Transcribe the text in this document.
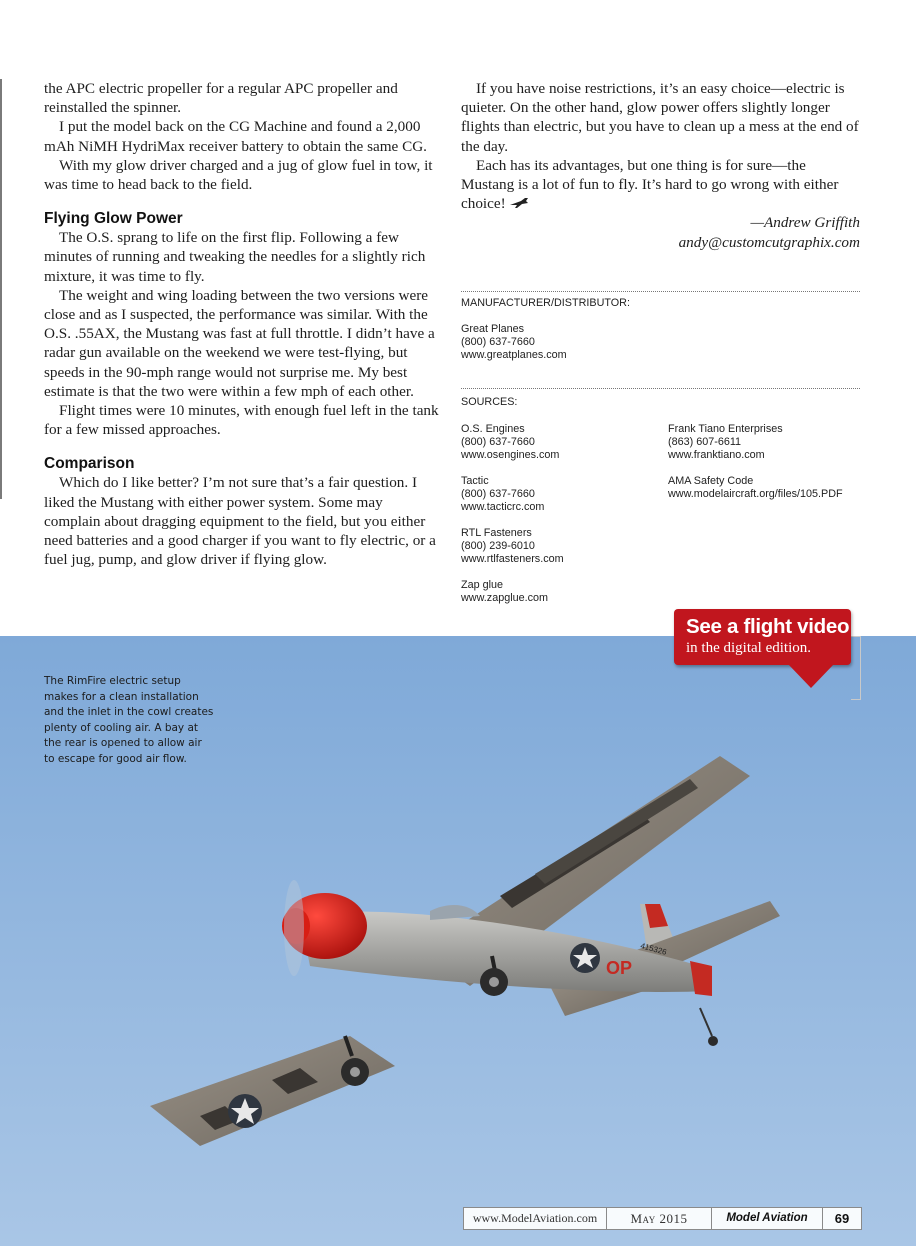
the APC electric propeller for a regular APC propeller and reinstalled the spinner.

I put the model back on the CG Machine and found a 2,000 mAh NiMH HydriMax receiver battery to obtain the same CG.

With my glow driver charged and a jug of glow fuel in tow, it was time to head back to the field.

Flying Glow Power

The O.S. sprang to life on the first flip. Following a few minutes of running and tweaking the needles for a slightly rich mixture, it was time to fly.

The weight and wing loading between the two versions were close and as I suspected, the performance was similar. With the O.S. .55AX, the Mustang was fast at full throttle. I didn’t have a radar gun available on the weekend we were test-flying, but speeds in the 90-mph range would not surprise me. My best estimate is that the two were within a few mph of each other.

Flight times were 10 minutes, with enough fuel left in the tank for a few missed approaches.

Comparison

Which do I like better? I’m not sure that’s a fair question. I liked the Mustang with either power system. Some may complain about dragging equipment to the field, but you either need batteries and a good charger if you want to fly electric, or a fuel jug, pump, and glow driver if flying glow.

If you have noise restrictions, it’s an easy choice—electric is quieter. On the other hand, glow power offers slightly longer flights than electric, but you have to clean up a mess at the end of the day.

Each has its advantages, but one thing is for sure—the Mustang is a lot of fun to fly. It’s hard to go wrong with either choice!

—Andrew Griffith
andy@customcutgraphix.com
MANUFACTURER/DISTRIBUTOR:
Great Planes
(800) 637-7660
www.greatplanes.com
SOURCES:
O.S. Engines
(800) 637-7660
www.osengines.com
Tactic
(800) 637-7660
www.tacticrc.com
RTL Fasteners
(800) 239-6010
www.rtlfasteners.com
Zap glue
www.zapglue.com
Frank Tiano Enterprises
(863) 607-6611
www.franktiano.com
AMA Safety Code
www.modelaircraft.org/files/105.PDF
OP
415326
The RimFire electric setup makes for a clean installation and the inlet in the cowl creates plenty of cooling air. A bay at the rear is opened to allow air to escape for good air flow.
See a flight video
in the digital edition.
www.ModelAviation.com	May 2015	Model Aviation	69
